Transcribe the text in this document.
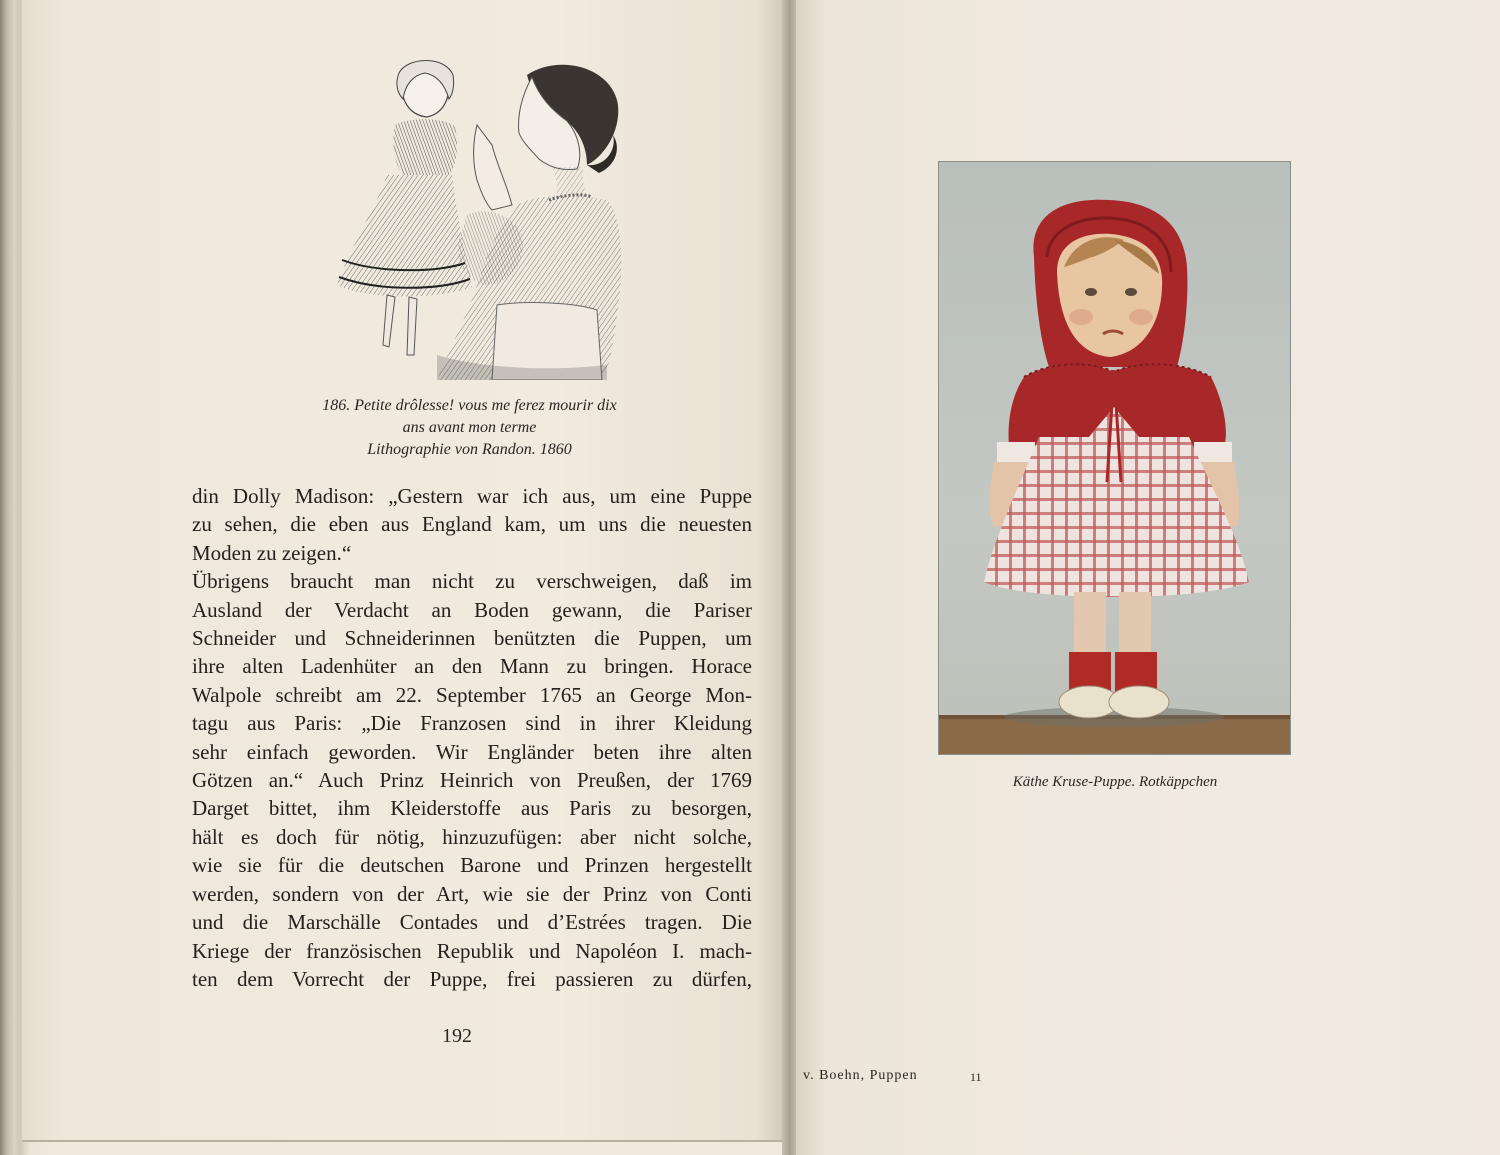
186. Petite drôlesse! vous me ferez mourir dix
ans avant mon terme
Lithographie von Randon. 1860
din Dolly Madison: „Gestern war ich aus, um eine Puppe
zu sehen, die eben aus England kam, um uns die neuesten
Moden zu zeigen.“
Übrigens braucht man nicht zu verschweigen, daß im
Ausland der Verdacht an Boden gewann, die Pariser
Schneider und Schneiderinnen benützten die Puppen, um
ihre alten Ladenhüter an den Mann zu bringen. Horace
Walpole schreibt am 22. September 1765 an George Mon-
tagu aus Paris: „Die Franzosen sind in ihrer Kleidung
sehr einfach geworden. Wir Engländer beten ihre alten
Götzen an.“ Auch Prinz Heinrich von Preußen, der 1769
Darget bittet, ihm Kleiderstoffe aus Paris zu besorgen,
hält es doch für nötig, hinzuzufügen: aber nicht solche,
wie sie für die deutschen Barone und Prinzen hergestellt
werden, sondern von der Art, wie sie der Prinz von Conti
und die Marschälle Contades und d’Estrées tragen. Die
Kriege der französischen Republik und Napoléon I. mach-
ten dem Vorrecht der Puppe, frei passieren zu dürfen,
192
Käthe Kruse-Puppe. Rotkäppchen
v. Boehn, Puppen	11
